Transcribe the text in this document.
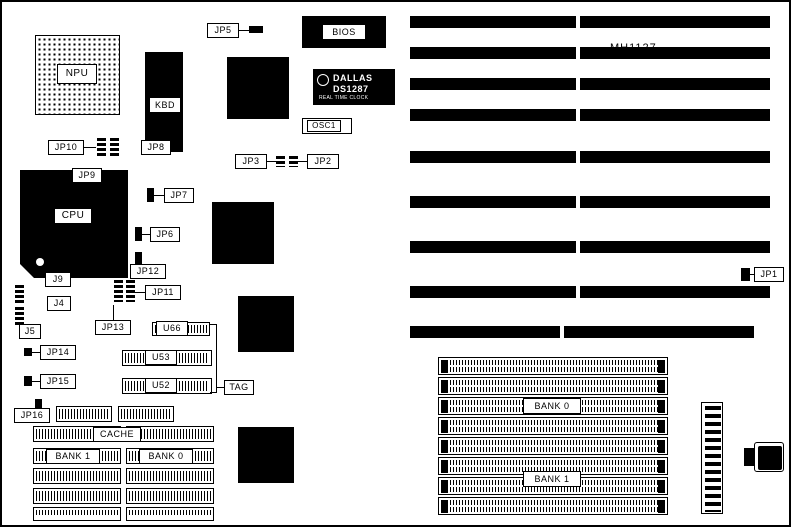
MH1127
NPU
KBD
BIOS
DALLAS
DS1287
REAL TIME CLOCK
OSC1
CPU
JP5
JP10	JP8
JP9
JP3	JP2
JP7
JP6
JP12
JP11
JP13
J9
J4
J5
JP14
JP15
JP16
JP1
U66
U53
U52	TAG
CACHE
BANK 1	BANK 0
BANK 0
BANK 1
